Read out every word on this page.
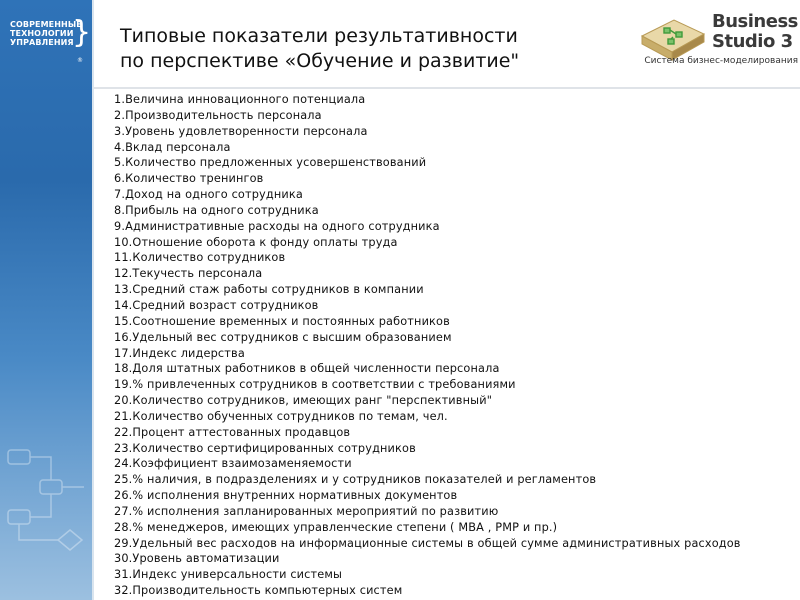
СОВРЕМЕННЫЕ
ТЕХНОЛОГИИ
УПРАВЛЕНИЯ
}
®
Типовые показатели результативности
по перспективе «Обучение и развитие"
Business
Studio 3
Система бизнес-моделирования
1.Величина инновационного потенциала
2.Производительность персонала
3.Уровень удовлетворенности персонала
4.Вклад персонала
5.Количество предложенных усовершенствований
6.Количество тренингов
7.Доход на одного сотрудника
8.Прибыль на одного сотрудника
9.Административные расходы на одного сотрудника
10.Отношение оборота к фонду оплаты труда
11.Количество сотрудников
12.Текучесть персонала
13.Средний стаж работы сотрудников в компании
14.Средний возраст сотрудников
15.Соотношение временных и постоянных работников
16.Удельный вес сотрудников с высшим образованием
17.Индекс лидерства
18.Доля штатных работников в общей численности персонала
19.% привлеченных сотрудников в соответствии с требованиями
20.Количество сотрудников, имеющих ранг "перспективный"
21.Количество обученных сотрудников по темам, чел.
22.Процент аттестованных продавцов
23.Количество сертифицированных сотрудников
24.Коэффициент взаимозаменяемости
25.% наличия, в подразделениях и у сотрудников показателей и регламентов
26.% исполнения внутренних нормативных документов
27.% исполнения запланированных мероприятий по развитию
28.% менеджеров, имеющих управленческие степени ( MBA , PMP и пр.)
29.Удельный вес расходов на информационные системы в общей сумме административных расходов
30.Уровень автоматизации
31.Индекс универсальности системы
32.Производительность компьютерных систем
